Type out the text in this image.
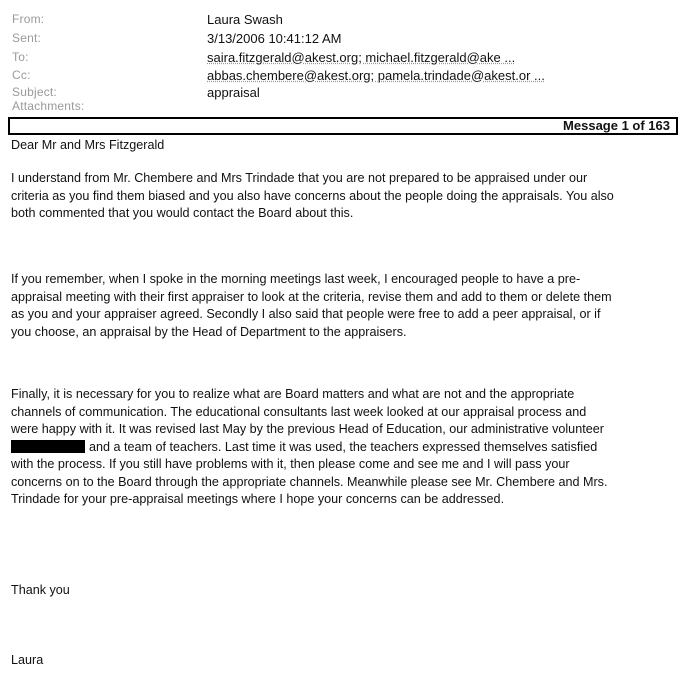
From:	Laura Swash
Sent:	3/13/2006 10:41:12 AM
To:	saira.fitzgerald@akest.org; michael.fitzgerald@ake ...
Cc:	abbas.chembere@akest.org; pamela.trindade@akest.or ...
Subject:	appraisal
Attachments:
Message 1 of 163
Dear Mr and Mrs Fitzgerald
I understand from Mr. Chembere and Mrs Trindade that you are not prepared to be appraised under our
criteria as you find them biased and you also have concerns about the people doing the appraisals. You also
both commented that you would contact the Board about this.
If you remember, when I spoke in the morning meetings last week, I encouraged people to have a pre-
appraisal meeting with their first appraiser to look at the criteria, revise them and add to them or delete them
as you and your appraiser agreed. Secondly I also said that people were free to add a peer appraisal, or if
you choose, an appraisal by the Head of Department to the appraisers.
Finally, it is necessary for you to realize what are Board matters and what are not and the appropriate
channels of communication. The educational consultants last week looked at our appraisal process and
were happy with it. It was revised last May by the previous Head of Education, our administrative volunteer
and a team of teachers. Last time it was used, the teachers expressed themselves satisfied
with the process. If you still have problems with it, then please come and see me and I will pass your
concerns on to the Board through the appropriate channels. Meanwhile please see Mr. Chembere and Mrs.
Trindade for your pre-appraisal meetings where I hope your concerns can be addressed.
Thank you
Laura
